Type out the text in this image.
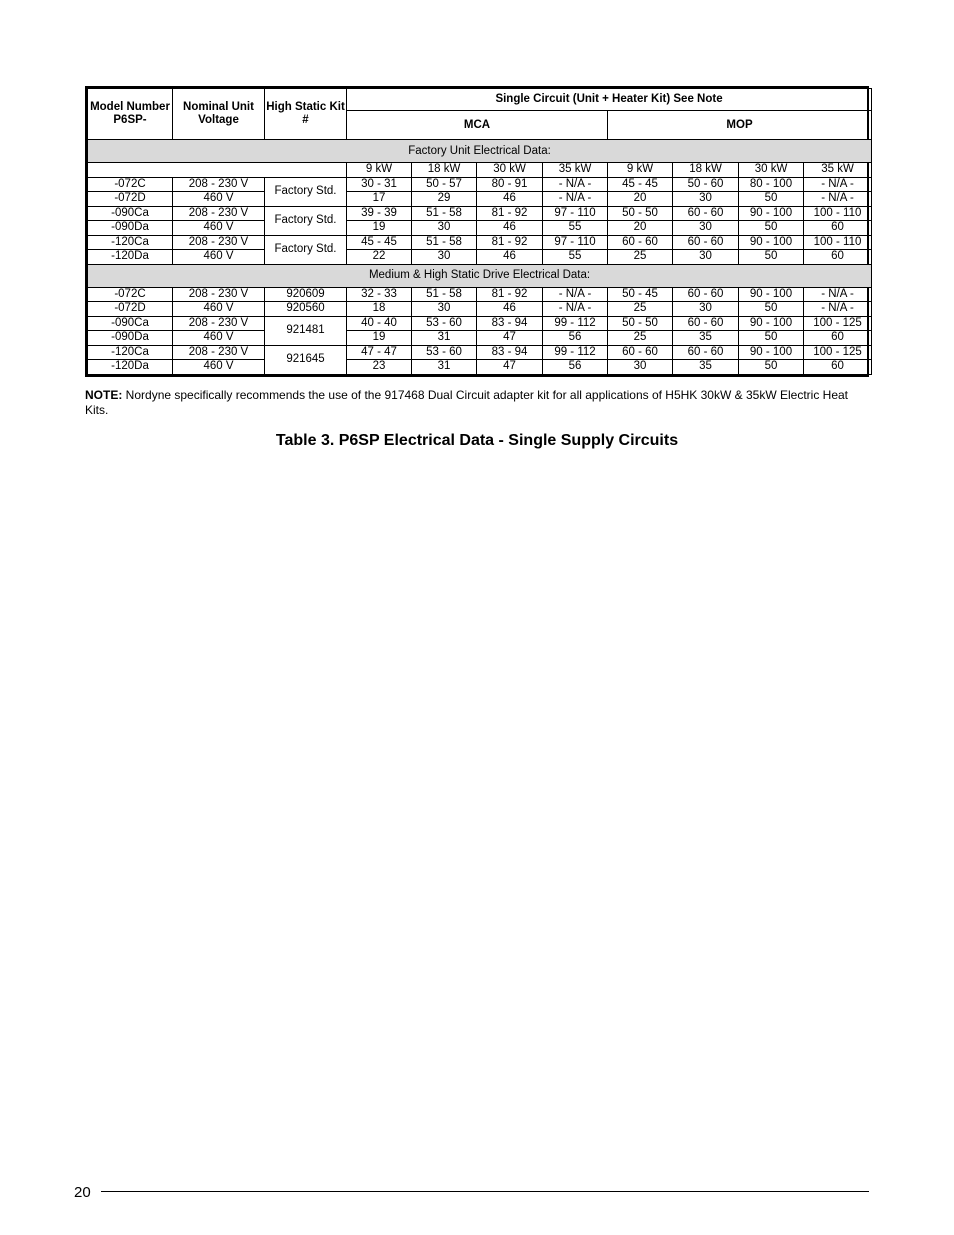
Model Number P6SP-	Nominal Unit Voltage	High Static Kit #	Single Circuit (Unit + Heater Kit) See Note							
			MCA				MOP			
Factory Unit Electrical Data:										
			9 kW	18 kW	30 kW	35 kW	9 kW	18 kW	30 kW	35 kW
-072C	208 - 230 V	Factory Std.	30 - 31	50 - 57	80 - 91	- N/A -	45 - 45	50 - 60	80 - 100	- N/A -
-072D	460 V		17	29	46	- N/A -	20	30	50	- N/A -
-090Ca	208 - 230 V	Factory Std.	39 - 39	51 - 58	81 - 92	97 - 110	50 - 50	60 - 60	90 - 100	100 - 110
-090Da	460 V		19	30	46	55	20	30	50	60
-120Ca	208 - 230 V	Factory Std.	45 - 45	51 - 58	81 - 92	97 - 110	60 - 60	60 - 60	90 - 100	100 - 110
-120Da	460 V		22	30	46	55	25	30	50	60
Medium & High Static Drive Electrical Data:										
-072C	208 - 230 V	920609	32 - 33	51 - 58	81 - 92	- N/A -	50 - 45	60 - 60	90 - 100	- N/A -
-072D	460 V	920560	18	30	46	- N/A -	25	30	50	- N/A -
-090Ca	208 - 230 V	921481	40 - 40	53 - 60	83 - 94	99 - 112	50 - 50	60 - 60	90 - 100	100 - 125
-090Da	460 V		19	31	47	56	25	35	50	60
-120Ca	208 - 230 V	921645	47 - 47	53 - 60	83 - 94	99 - 112	60 - 60	60 - 60	90 - 100	100 - 125
-120Da	460 V		23	31	47	56	30	35	50	60
NOTE: Nordyne specifically recommends the use of the 917468 Dual Circuit adapter kit for all applications of H5HK 30kW & 35kW Electric Heat Kits.
Table 3. P6SP Electrical Data - Single Supply Circuits
20
